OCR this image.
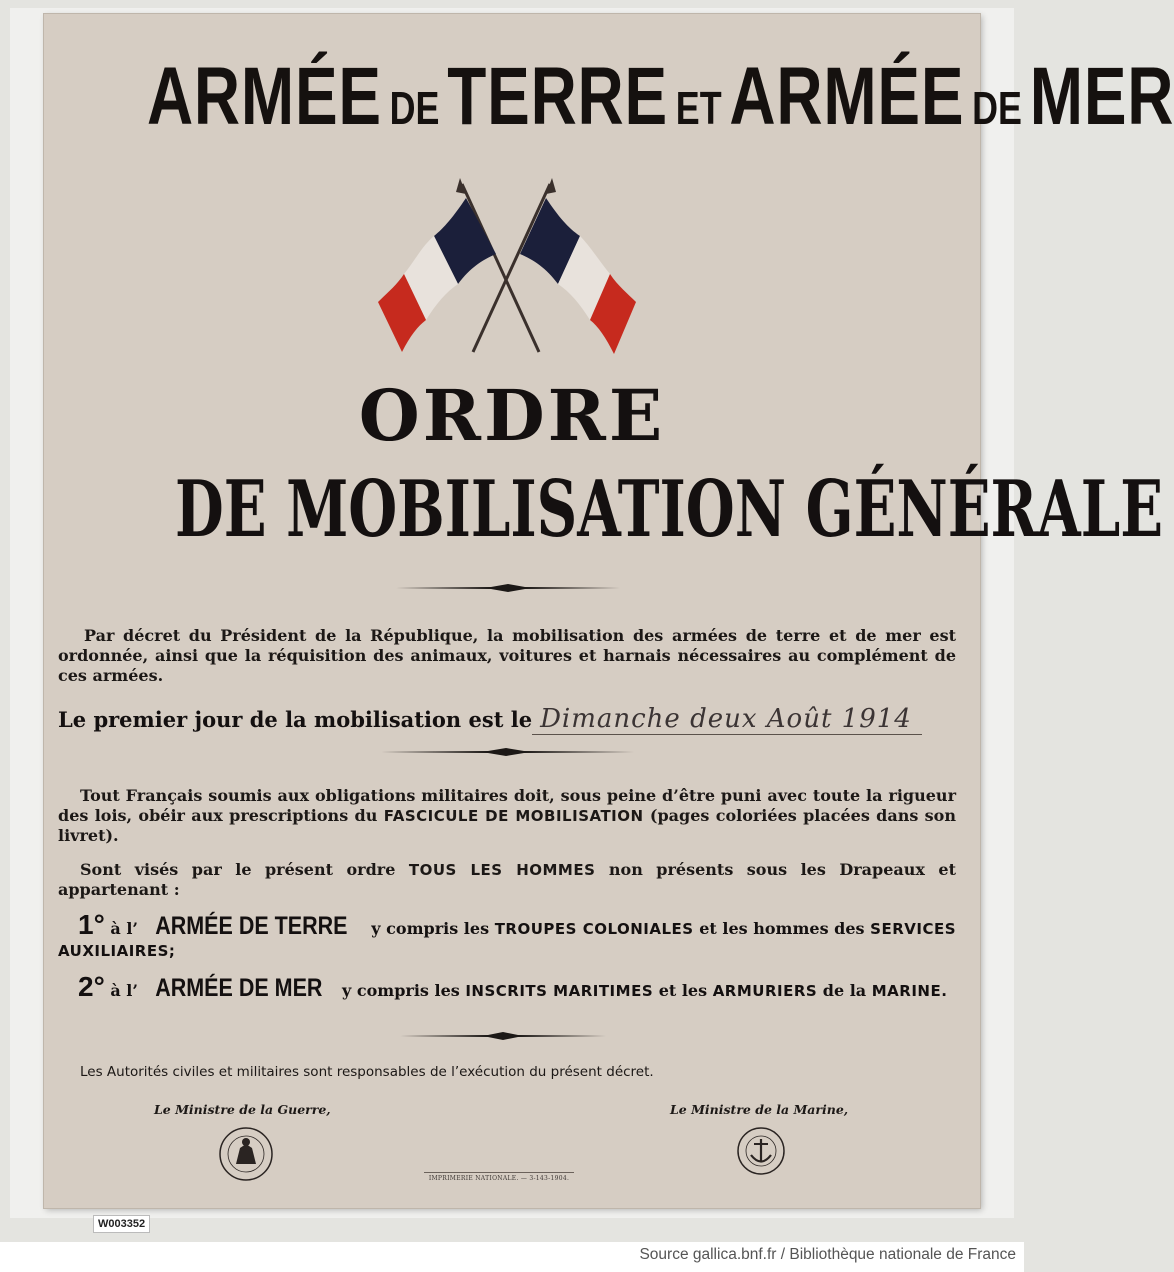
ARMÉE DETERRE ETARMÉE DEMER
ORDRE
DE MOBILISATION GÉNÉRALE
Par décret du Président de la République, la mobilisation des armées de terre et de mer est ordonnée, ainsi que la réquisition des animaux, voitures et harnais nécessaires au complément de ces armées.
Le premier jour de la mobilisation est le Dimanche deux Août 1914
Tout Français soumis aux obligations militaires doit, sous peine d’être puni avec toute la rigueur des lois, obéir aux prescriptions du FASCICULE DE MOBILISATION (pages coloriées placées dans son livret).
Sont visés par le présent ordre TOUS LES HOMMES non présents sous les Drapeaux et appartenant :
1° à l’ ARMÉE DE TERRE y compris les TROUPES COLONIALES et les hommes des SERVICES AUXILIAIRES;
2° à l’ ARMÉE DE MER y compris les INSCRITS MARITIMES et les ARMURIERS de la MARINE.
Les Autorités civiles et militaires sont responsables de l’exécution du présent décret.
Le Ministre de la Guerre,	Le Ministre de la Marine,
IMPRIMERIE NATIONALE. — 3-143-1904.
W003352
Source gallica.bnf.fr / Bibliothèque nationale de France
